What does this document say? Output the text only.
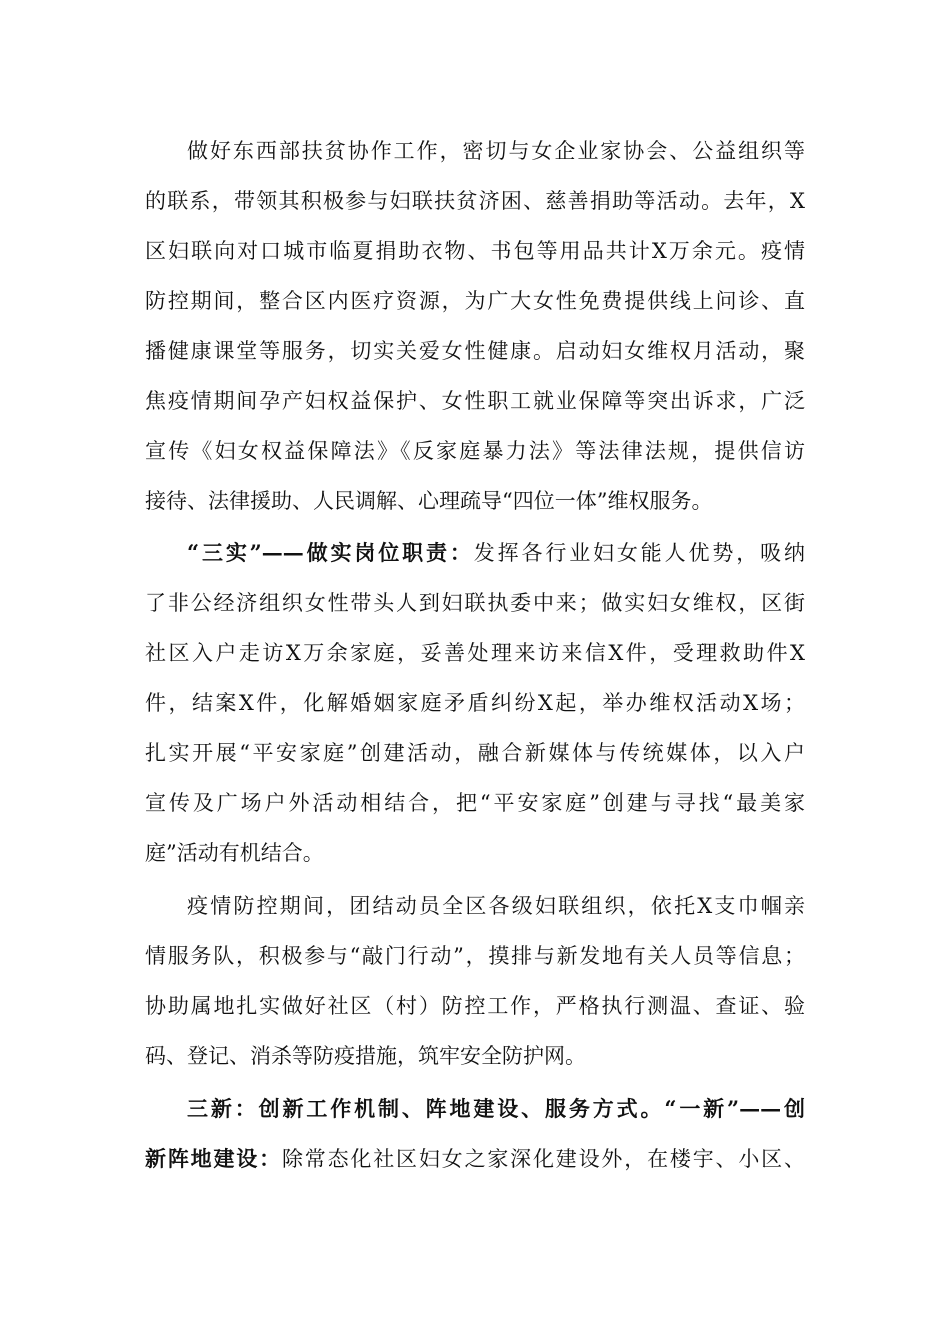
做好东西部扶贫协作工作，密切与女企业家协会、公益组织等
的联系，带领其积极参与妇联扶贫济困、慈善捐助等活动。去年，X
区妇联向对口城市临夏捐助衣物、书包等用品共计X万余元。疫情
防控期间，整合区内医疗资源，为广大女性免费提供线上问诊、直
播健康课堂等服务，切实关爱女性健康。启动妇女维权月活动，聚
焦疫情期间孕产妇权益保护、女性职工就业保障等突出诉求，广泛
宣传《妇女权益保障法》《反家庭暴力法》等法律法规，提供信访
接待、法律援助、人民调解、心理疏导“四位一体”维权服务。
“三实”——做实岗位职责：发挥各行业妇女能人优势，吸纳
了非公经济组织女性带头人到妇联执委中来；做实妇女维权，区街
社区入户走访X万余家庭，妥善处理来访来信X件，受理救助件X
件，结案X件，化解婚姻家庭矛盾纠纷X起，举办维权活动X场；
扎实开展“平安家庭”创建活动，融合新媒体与传统媒体，以入户
宣传及广场户外活动相结合，把“平安家庭”创建与寻找“最美家
庭”活动有机结合。
疫情防控期间，团结动员全区各级妇联组织，依托X支巾帼亲
情服务队，积极参与“敲门行动”，摸排与新发地有关人员等信息；
协助属地扎实做好社区（村）防控工作，严格执行测温、查证、验
码、登记、消杀等防疫措施，筑牢安全防护网。
三新：创新工作机制、阵地建设、服务方式。“一新”——创
新阵地建设：除常态化社区妇女之家深化建设外，在楼宇、小区、
